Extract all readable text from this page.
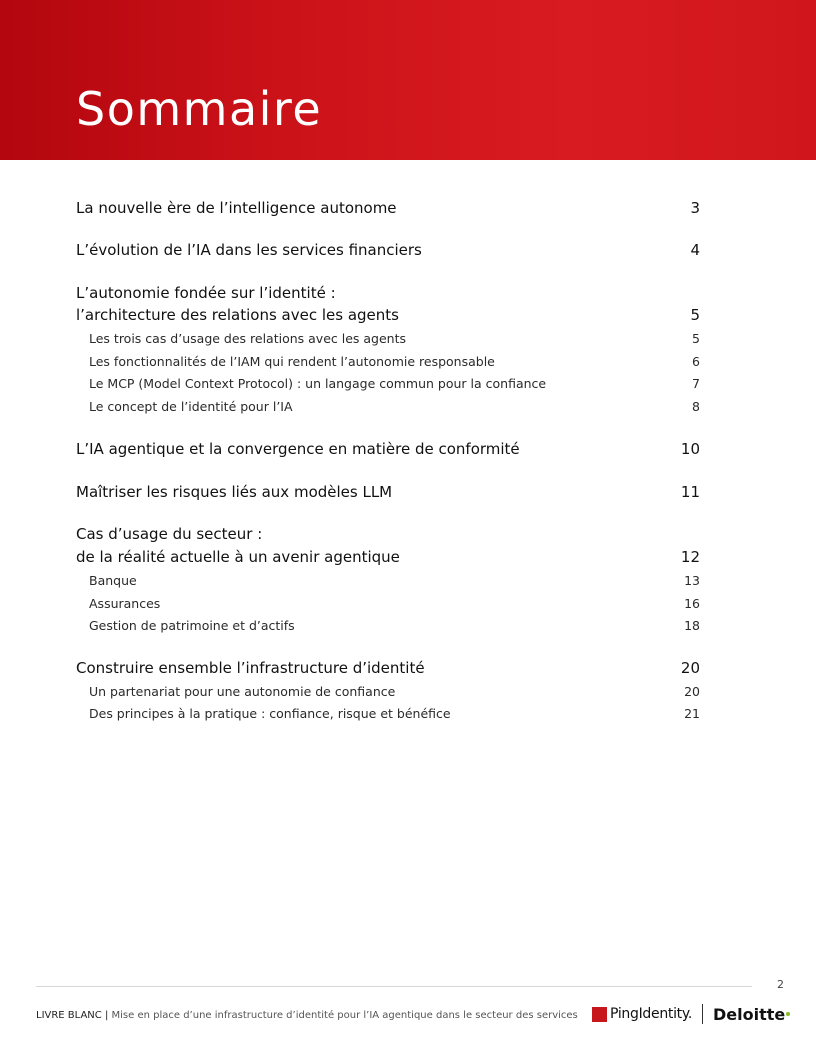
Sommaire
La nouvelle ère de l’intelligence autonome	3
L’évolution de l’IA dans les services financiers	4
L’autonomie fondée sur l’identité :
l’architecture des relations avec les agents	5
Les trois cas d’usage des relations avec les agents	5
Les fonctionnalités de l’IAM qui rendent l’autonomie responsable	6
Le MCP (Model Context Protocol) : un langage commun pour la confiance	7
Le concept de l’identité pour l’IA	8
L’IA agentique et la convergence en matière de conformité	10
Maîtriser les risques liés aux modèles LLM	11
Cas d’usage du secteur :
de la réalité actuelle à un avenir agentique	12
Banque	13
Assurances	16
Gestion de patrimoine et d’actifs	18
Construire ensemble l’infrastructure d’identité	20
Un partenariat pour une autonomie de confiance	20
Des principes à la pratique : confiance, risque et bénéfice	21
2
LIVRE BLANC | Mise en place d’une infrastructure d’identité pour l’IA agentique dans le secteur des services PingIdentity. Deloitte
